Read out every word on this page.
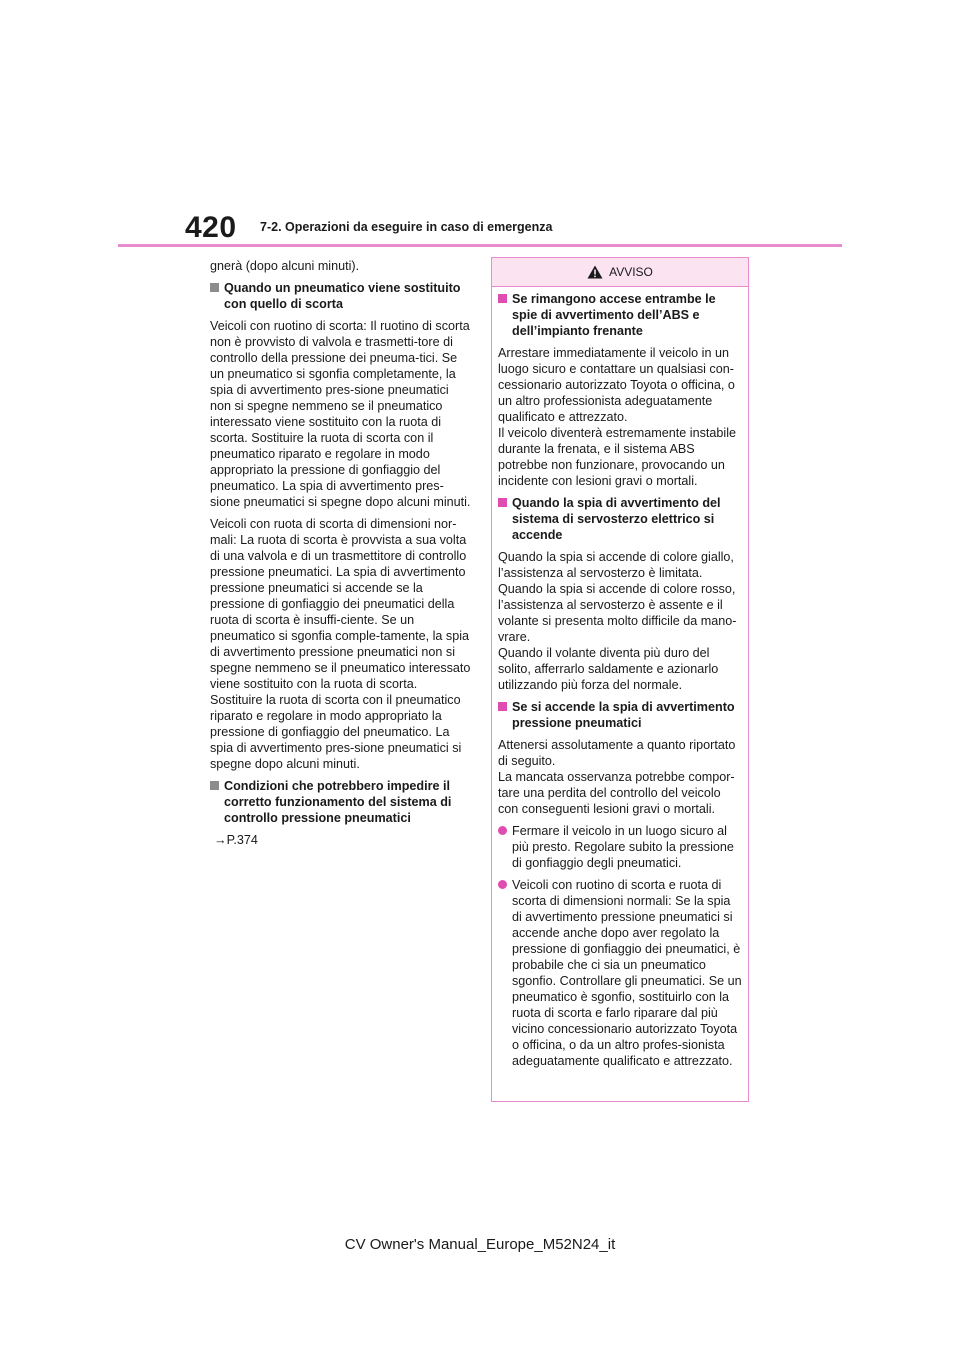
420 7-2. Operazioni da eseguire in caso di emergenza

gnerà (dopo alcuni minuti).

Quando un pneumatico viene sostituito con quello di scorta

Veicoli con ruotino di scorta: Il ruotino di scorta non è provvisto di valvola e trasmetti-tore di controllo della pressione dei pneuma-tici. Se un pneumatico si sgonfia completamente, la spia di avvertimento pres-sione pneumatici non si spegne nemmeno se il pneumatico interessato viene sostituito con la ruota di scorta. Sostituire la ruota di scorta con il pneumatico riparato e regolare in modo appropriato la pressione di gonfiaggio del pneumatico. La spia di avvertimento pres-sione pneumatici si spegne dopo alcuni minuti.

Veicoli con ruota di scorta di dimensioni nor-mali: La ruota di scorta è provvista a sua volta di una valvola e di un trasmettitore di controllo pressione pneumatici. La spia di avvertimento pressione pneumatici si accende se la pressione di gonfiaggio dei pneumatici della ruota di scorta è insuffi-ciente. Se un pneumatico si sgonfia comple-tamente, la spia di avvertimento pressione pneumatici non si spegne nemmeno se il pneumatico interessato viene sostituito con la ruota di scorta. Sostituire la ruota di scorta con il pneumatico riparato e regolare in modo appropriato la pressione di gonfiaggio del pneumatico. La spia di avvertimento pres-sione pneumatici si spegne dopo alcuni minuti.

Condizioni che potrebbero impedire il corretto funzionamento del sistema di controllo pressione pneumatici

→P.374

AVVISO
Se rimangono accese entrambe le spie di avvertimento dell’ABS e dell’impianto frenante

Arrestare immediatamente il veicolo in un luogo sicuro e contattare un qualsiasi con-cessionario autorizzato Toyota o officina, o un altro professionista adeguatamente qualificato e attrezzato.
Il veicolo diventerà estremamente instabile durante la frenata, e il sistema ABS potrebbe non funzionare, provocando un incidente con lesioni gravi o mortali.

Quando la spia di avvertimento del sistema di servosterzo elettrico si accende

Quando la spia si accende di colore giallo, l’assistenza al servosterzo è limitata.
Quando la spia si accende di colore rosso, l’assistenza al servosterzo è assente e il volante si presenta molto difficile da mano-vrare.
Quando il volante diventa più duro del solito, afferrarlo saldamente e azionarlo utilizzando più forza del normale.

Se si accende la spia di avvertimento pressione pneumatici

Attenersi assolutamente a quanto riportato di seguito.
La mancata osservanza potrebbe compor-tare una perdita del controllo del veicolo con conseguenti lesioni gravi o mortali.

Fermare il veicolo in un luogo sicuro al più presto. Regolare subito la pressione di gonfiaggio degli pneumatici.
Veicoli con ruotino di scorta e ruota di scorta di dimensioni normali: Se la spia di avvertimento pressione pneumatici si accende anche dopo aver regolato la pressione di gonfiaggio dei pneumatici, è probabile che ci sia un pneumatico sgonfio. Controllare gli pneumatici. Se un pneumatico è sgonfio, sostituirlo con la ruota di scorta e farlo riparare dal più vicino concessionario autorizzato Toyota o officina, o da un altro profes-sionista adeguatamente qualificato e attrezzato.
CV Owner's Manual_Europe_M52N24_it
